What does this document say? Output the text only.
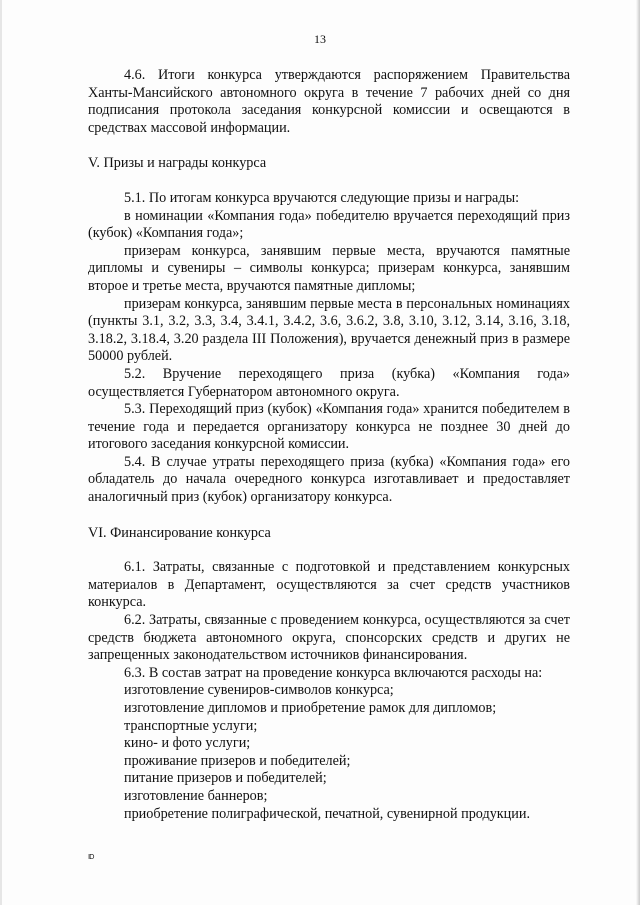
13

4.6. Итоги конкурса утверждаются распоряжением Правительства Ханты-Мансийского автономного округа в течение 7 рабочих дней со дня подписания протокола заседания конкурсной комиссии и освещаются в средствах массовой информации.

V. Призы и награды конкурса

5.1. По итогам конкурса вручаются следующие призы и награды:

в номинации «Компания года» победителю вручается переходящий приз (кубок) «Компания года»;

призерам конкурса, занявшим первые места, вручаются памятные дипломы и сувениры – символы конкурса; призерам конкурса, занявшим второе и третье места, вручаются памятные дипломы;

призерам конкурса, занявшим первые места в персональных номинациях (пункты 3.1, 3.2, 3.3, 3.4, 3.4.1, 3.4.2, 3.6, 3.6.2, 3.8, 3.10, 3.12, 3.14, 3.16, 3.18, 3.18.2, 3.18.4, 3.20 раздела III Положения), вручается денежный приз в размере 50000 рублей.

5.2. Вручение переходящего приза (кубка) «Компания года» осуществляется Губернатором автономного округа.

5.3. Переходящий приз (кубок) «Компания года» хранится победителем в течение года и передается организатору конкурса не позднее 30 дней до итогового заседания конкурсной комиссии.

5.4. В случае утраты переходящего приза (кубка) «Компания года» его обладатель до начала очередного конкурса изготавливает и предоставляет аналогичный приз (кубок) организатору конкурса.

VI. Финансирование конкурса

6.1. Затраты, связанные с подготовкой и представлением конкурсных материалов в Департамент, осуществляются за счет средств участников конкурса.

6.2. Затраты, связанные с проведением конкурса, осуществляются за счет средств бюджета автономного округа, спонсорских средств и других не запрещенных законодательством источников финансирования.

6.3. В состав затрат на проведение конкурса включаются расходы на:

изготовление сувениров-символов конкурса;

изготовление дипломов и приобретение рамок для дипломов;

транспортные услуги;

кино- и фото услуги;

проживание призеров и победителей;

питание призеров и победителей;

изготовление баннеров;

приобретение полиграфической, печатной, сувенирной продукции.

ID
